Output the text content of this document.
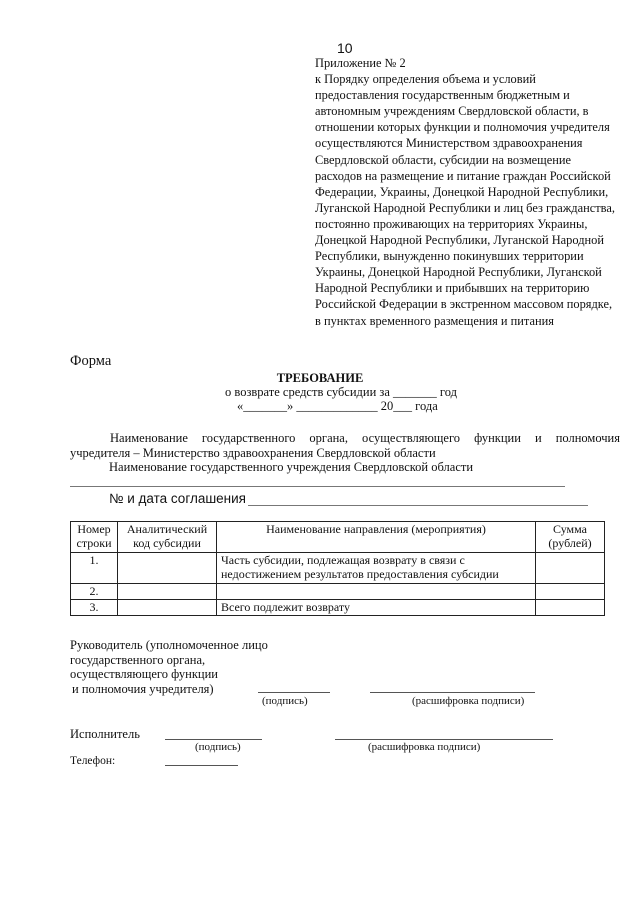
10
Приложение № 2
к Порядку определения объема и условий предоставления государственным бюджетным и автономным учреждениям Свердловской области, в отношении которых функции и полномочия учредителя осуществляются Министерством здравоохранения Свердловской области, субсидии на возмещение расходов на размещение и питание граждан Российской Федерации, Украины, Донецкой Народной Республики, Луганской Народной Республики и лиц без гражданства, постоянно проживающих на территориях Украины, Донецкой Народной Республики, Луганской Народной Республики, вынужденно покинувших территории Украины, Донецкой Народной Республики, Луганской Народной Республики и прибывших на территорию Российской Федерации в экстренном массовом порядке, в пунктах временного размещения и питания
Форма
ТРЕБОВАНИЕ
о возврате средств субсидии за _______ год
«_______» _____________ 20___ года
Наименование государственного органа, осуществляющего функции и полномочия
учредителя – Министерство здравоохранения Свердловской области
Наименование государственного учреждения Свердловской области
№ и дата соглашения
Номер строки	Аналитический код субсидии	Наименование направления (мероприятия)	Сумма (рублей)
1.		Часть субсидии, подлежащая возврату в связи с недостижением результатов предоставления субсидии	
2.			
3.		Всего подлежит возврату	
Руководитель (уполномоченное лицо
государственного органа,
осуществляющего функции
и полномочия учредителя)
(подпись)	(расшифровка подписи)
Исполнитель
(подпись)	(расшифровка подписи)
Телефон:
